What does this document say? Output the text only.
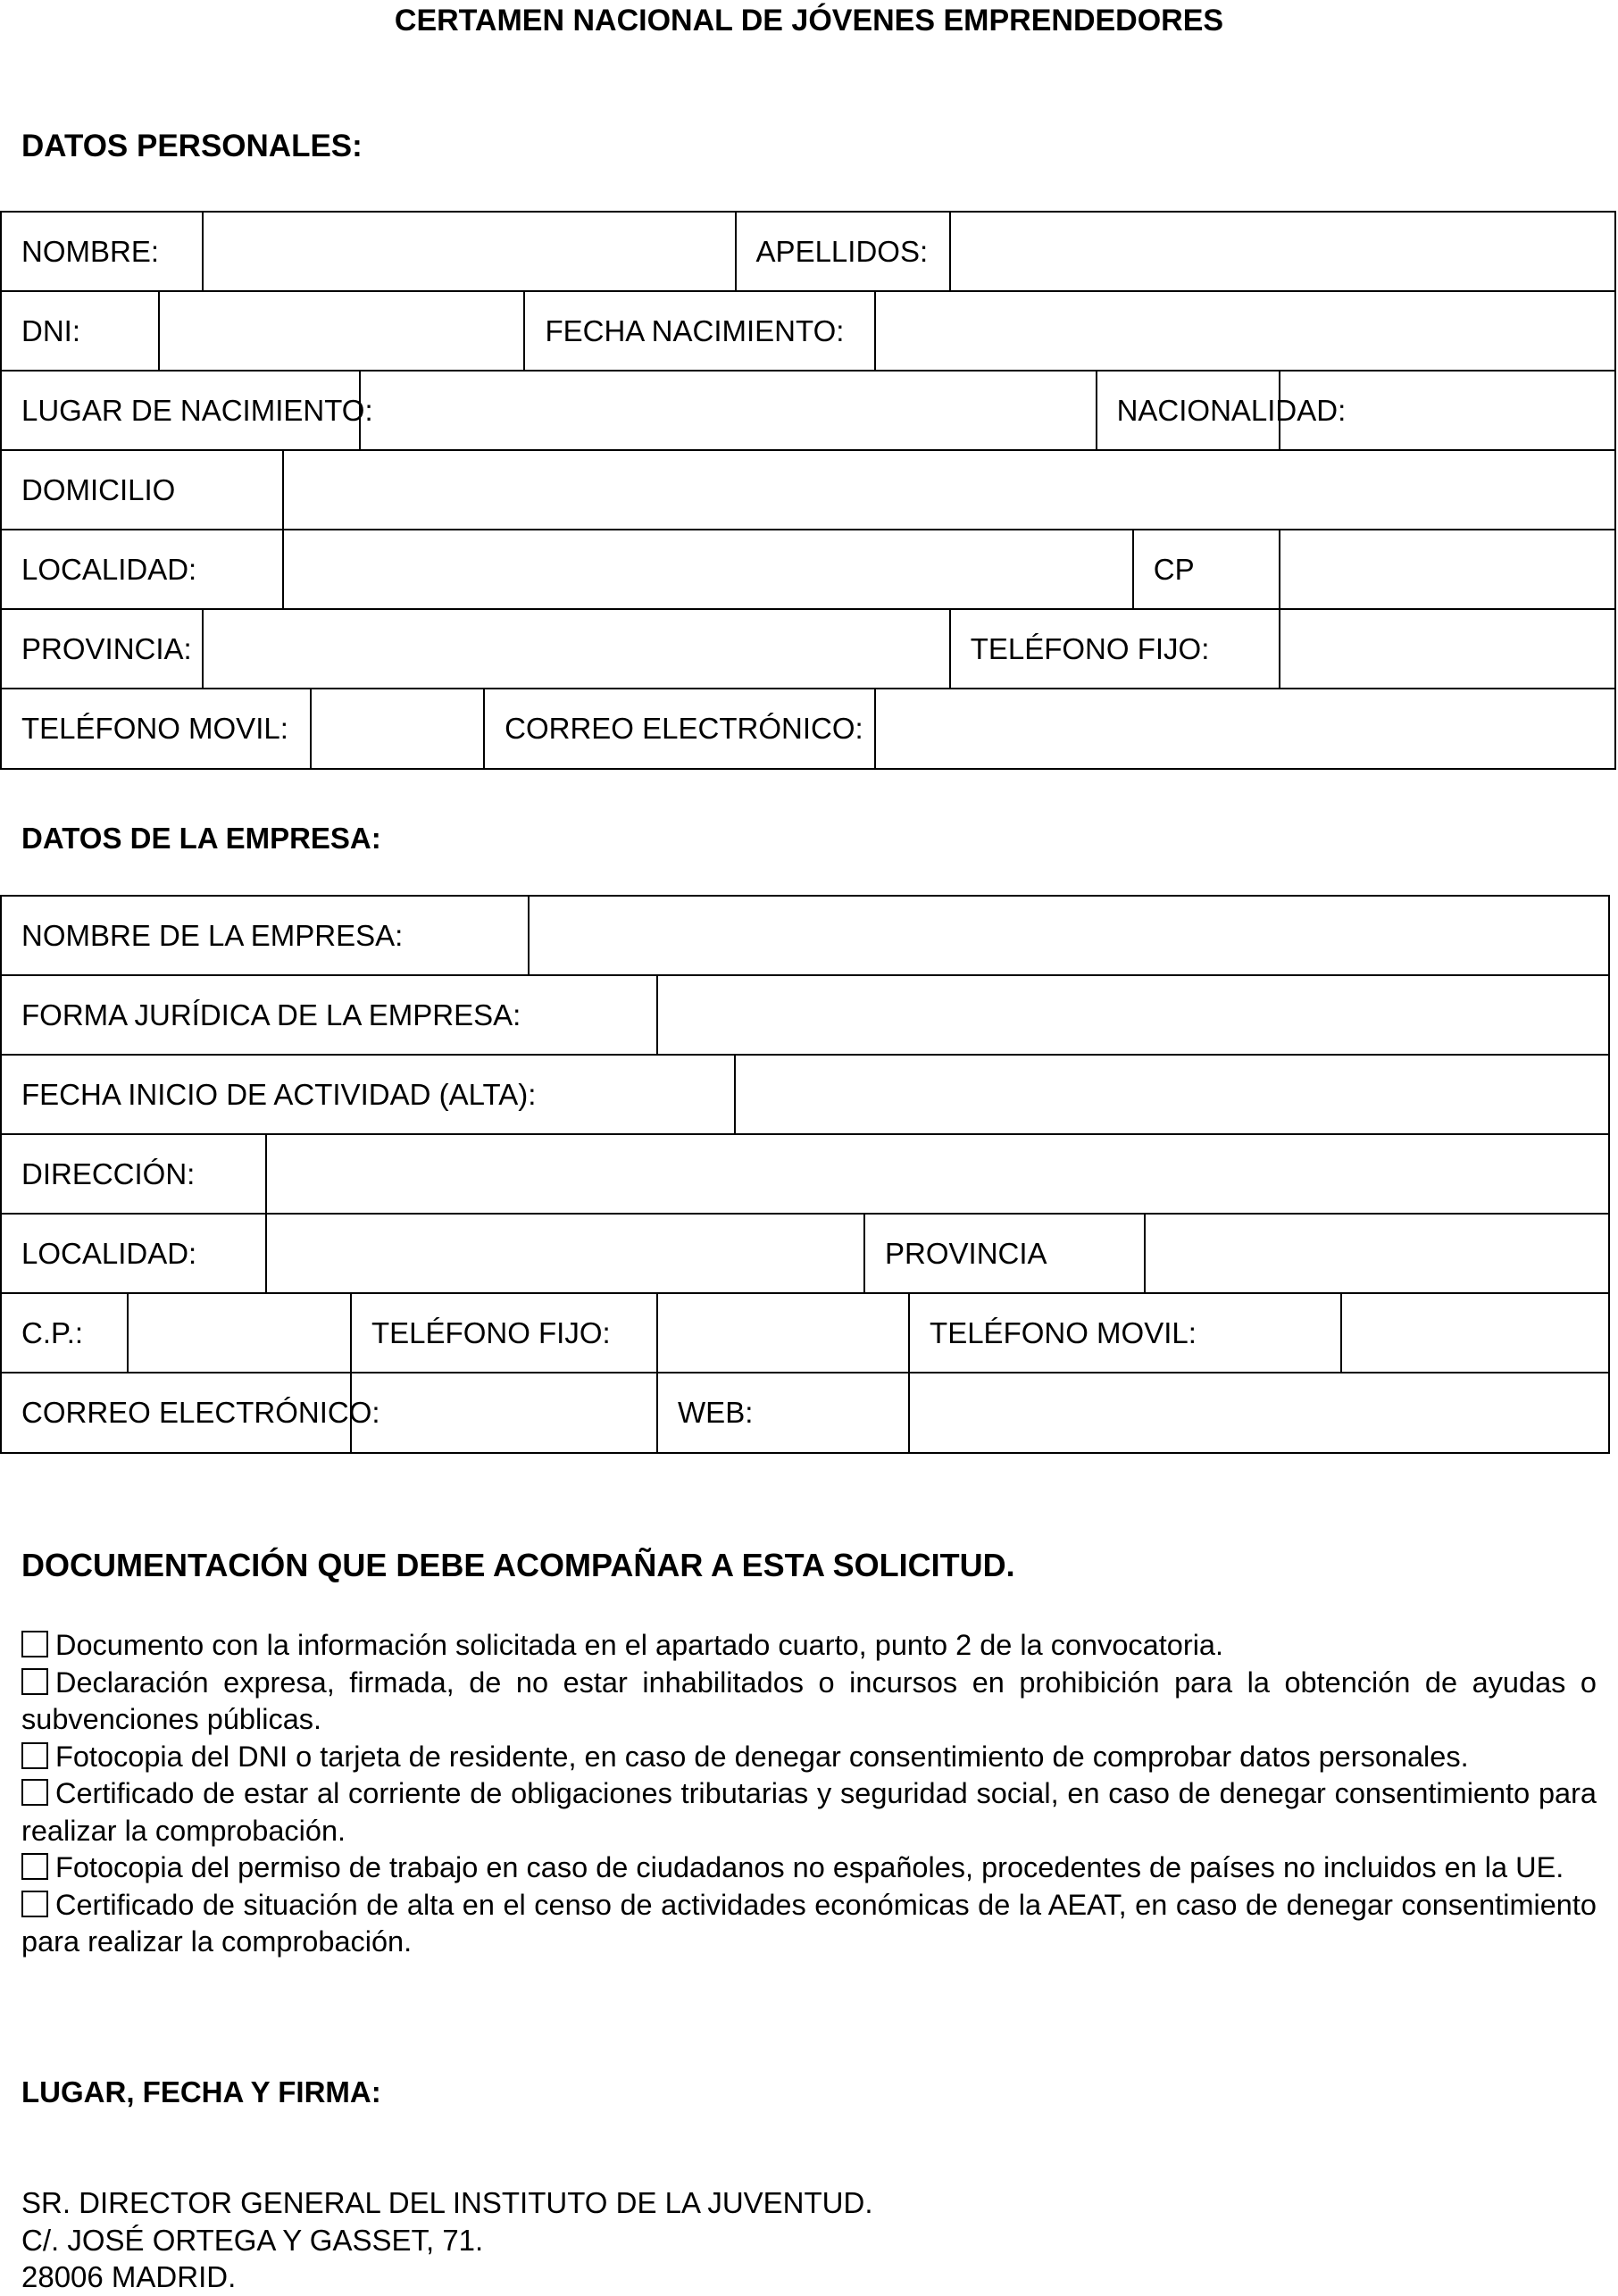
CERTAMEN NACIONAL DE JÓVENES EMPRENDEDORES
DATOS PERSONALES:
NOMBRE:								APELLIDOS:					
DNI:							FECHA NACIMIENTO:						
LUGAR DE NACIMIENTO:											NACIONALIDAD:		
DOMICILIO													
LOCALIDAD:												CP	
PROVINCIA:										TELÉFONO FIJO:			
TELÉFONO MOVIL:						CORREO ELECTRÓNICO:							
DATOS DE LA EMPRESA:
NOMBRE DE LA EMPRESA:										
FORMA JURÍDICA DE LA EMPRESA:										
FECHA INICIO DE ACTIVIDAD (ALTA):										
DIRECCIÓN:										
LOCALIDAD:							PROVINCIA			
C.P.:			TELÉFONO FIJO:					TELÉFONO MOVIL:		
CORREO ELECTRÓNICO:					WEB:					
DOCUMENTACIÓN QUE DEBE ACOMPAÑAR A ESTA SOLICITUD.

Documento con la información solicitada en el apartado cuarto, punto 2 de la convocatoria.

Declaración expresa, firmada, de no estar inhabilitados o incursos en prohibición para la obtención de ayudas o subvenciones públicas.

Fotocopia del DNI o tarjeta de residente, en caso de denegar consentimiento de comprobar datos personales.

Certificado de estar al corriente de obligaciones tributarias y seguridad social, en caso de denegar consentimiento para realizar la comprobación.

Fotocopia del permiso de trabajo en caso de ciudadanos no españoles, procedentes de países no incluidos en la UE.

Certificado de situación de alta en el censo de actividades económicas de la AEAT, en caso de denegar consentimiento para realizar la comprobación.

LUGAR, FECHA Y FIRMA:
SR. DIRECTOR GENERAL DEL INSTITUTO DE LA JUVENTUD.
C/. JOSÉ ORTEGA Y GASSET, 71.
28006 MADRID.
